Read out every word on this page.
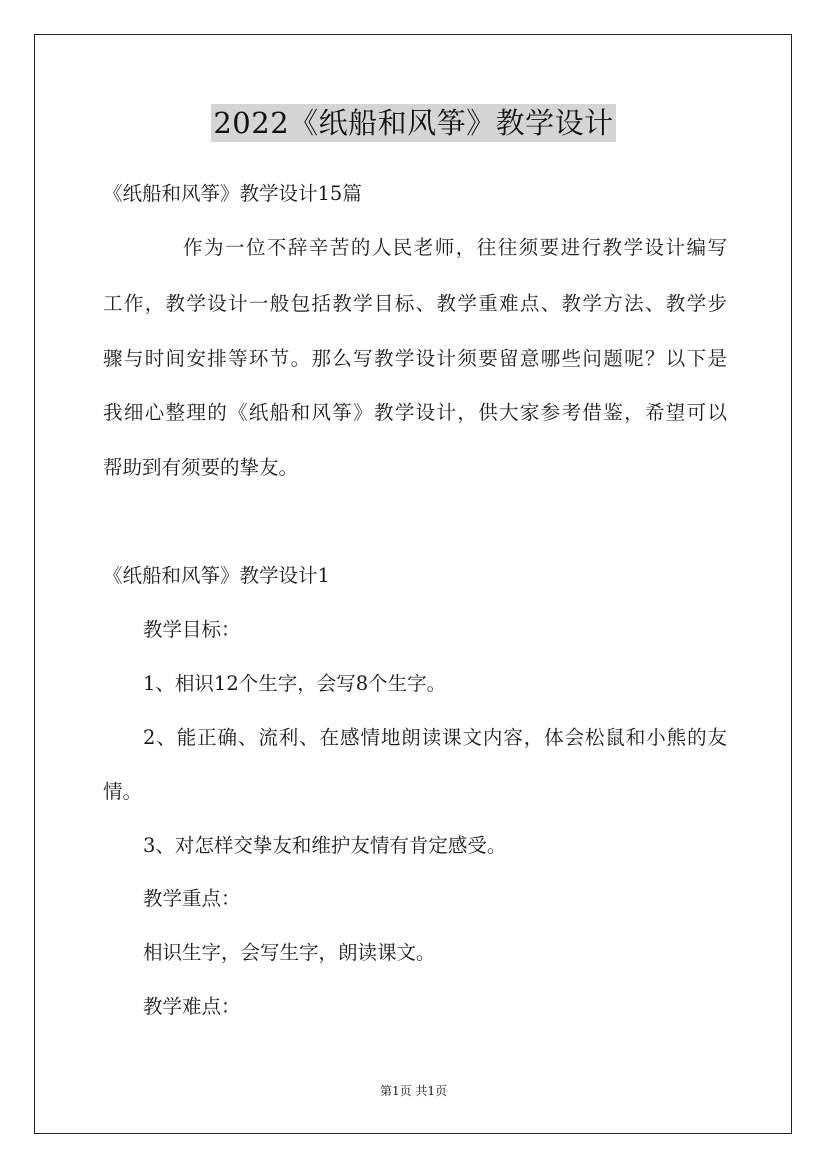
2022《纸船和风筝》教学设计
《纸船和风筝》教学设计15篇
作为一位不辞辛苦的人民老师，往往须要进行教学设计编写
工作，教学设计一般包括教学目标、教学重难点、教学方法、教学步
骤与时间安排等环节。那么写教学设计须要留意哪些问题呢？以下是
我细心整理的《纸船和风筝》教学设计，供大家参考借鉴，希望可以
帮助到有须要的挚友。
《纸船和风筝》教学设计1
教学目标：
1、相识12个生字，会写8个生字。
2、能正确、流利、在感情地朗读课文内容，体会松鼠和小熊的友
情。
3、对怎样交挚友和维护友情有肯定感受。
教学重点：
相识生字，会写生字，朗读课文。
教学难点：
第1页 共1页
